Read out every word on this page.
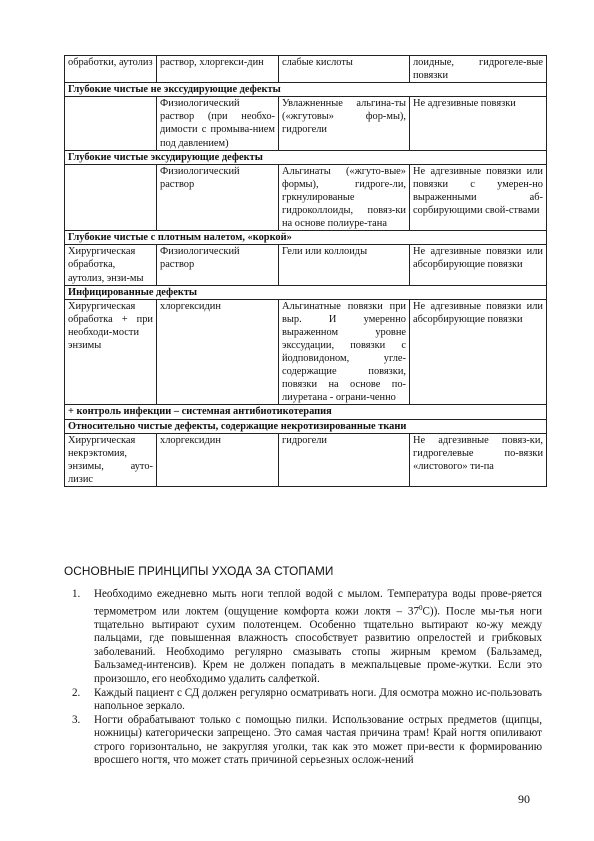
обработки, аутолиз	раствор, хлоргекси-дин	слабые кислоты	лоидные, гидрогеле-вые повязки
Глубокие чистые не экссудирующие дефекты			
	Физиологический раствор (при необхо-димости с промыва-нием под давлением)	Увлажненные альгина-ты («жгутовы» фор-мы), гидрогели	Не адгезивные повязки
Глубокие чистые эксудирующие дефекты			
	Физиологический раствор	Альгинаты («жгуто-вые» формы), гидроге-ли, гркнулированые гидроколлоиды, повяз-ки на основе полиуре-тана	Не адгезивные повязки или повязки с умерен-но выраженными аб-сорбирующими свой-ствами
Глубокие чистые с плотным налетом, «коркой»			
Хирургическая обработка, аутолиз, энзи-мы	Физиологический раствор	Гели или коллоиды	Не адгезивные повязки или абсорбирующие повязки
Инфицированные дефекты			
Хирургическая обработка + при необходи-мости энзимы	хлоргексидин	Альгинатные повязки при выр. И умеренно выраженном уровне экссудации, повязки с йодповидоном, угле-содержащие повязки, повязки на основе по-лиуретана - ограни-ченно	Не адгезивные повязки или абсорбирующие повязки
+ контроль инфекции – системная антибиотикотерапия			
Относительно чистые дефекты, содержащие некротизированные ткани			
Хирургическая некрэктомия, энзимы, ауто-лизис	хлоргексидин	гидрогели	Не адгезивные повяз-ки, гидрогелевые по-вязки «листового» ти-па
ОСНОВНЫЕ ПРИНЦИПЫ УХОДА ЗА СТОПАМИ
1. Необходимо ежедневно мыть ноги теплой водой с мылом. Температура воды прове-ряется термометром или локтем (ощущение комфорта кожи локтя – $37^0С$)). После мы-тья ноги тщательно вытирают сухим полотенцем. Особенно тщательно вытирают ко-жу между пальцами, где повышенная влажность способствует развитию опрелостей и грибковых заболеваний. Необходимо регулярно смазывать стопы жирным кремом (Бальзамед, Бальзамед-интенсив). Крем не должен попадать в межпальцевые проме-жутки. Если это произошло, его необходимо удалить салфеткой.
2. Каждый пациент с СД должен регулярно осматривать ноги. Для осмотра можно ис-пользовать напольное зеркало.
3. Ногти обрабатывают только с помощью пилки. Использование острых предметов (щипцы, ножницы) категорически запрещено. Это самая частая причина трам! Край ногтя опиливают строго горизонтально, не закругляя уголки, так как это может при-вести к формированию вросшего ногтя, что может стать причиной серьезных ослож-нений
90
